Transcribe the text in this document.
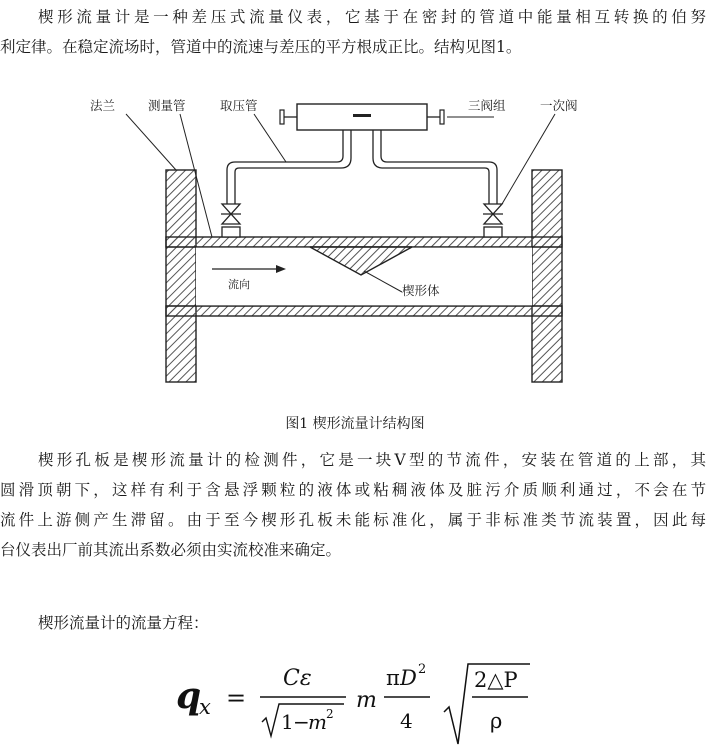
楔形流量计是一种差压式流量仪表，它基于在密封的管道中能量相互转换的伯努
利定律。在稳定流场时，管道中的流速与差压的平方根成正比。结构见图1。
法兰	测量管	取压管	三阀组	一次阀
流向	楔形体
图1 楔形流量计结构图
楔形孔板是楔形流量计的检测件，它是一块V型的节流件，安装在管道的上部，其
圆滑顶朝下，这样有利于含悬浮颗粒的液体或粘稠液体及脏污介质顺利通过，不会在节
流件上游侧产生滞留。由于至今楔形孔板未能标准化，属于非标准类节流装置，因此每
台仪表出厂前其流出系数必须由实流校准来确定。
楔形流量计的流量方程：
q
x =
Cε
1 −
m 2
m
π D 2
4
2△P
ρ
